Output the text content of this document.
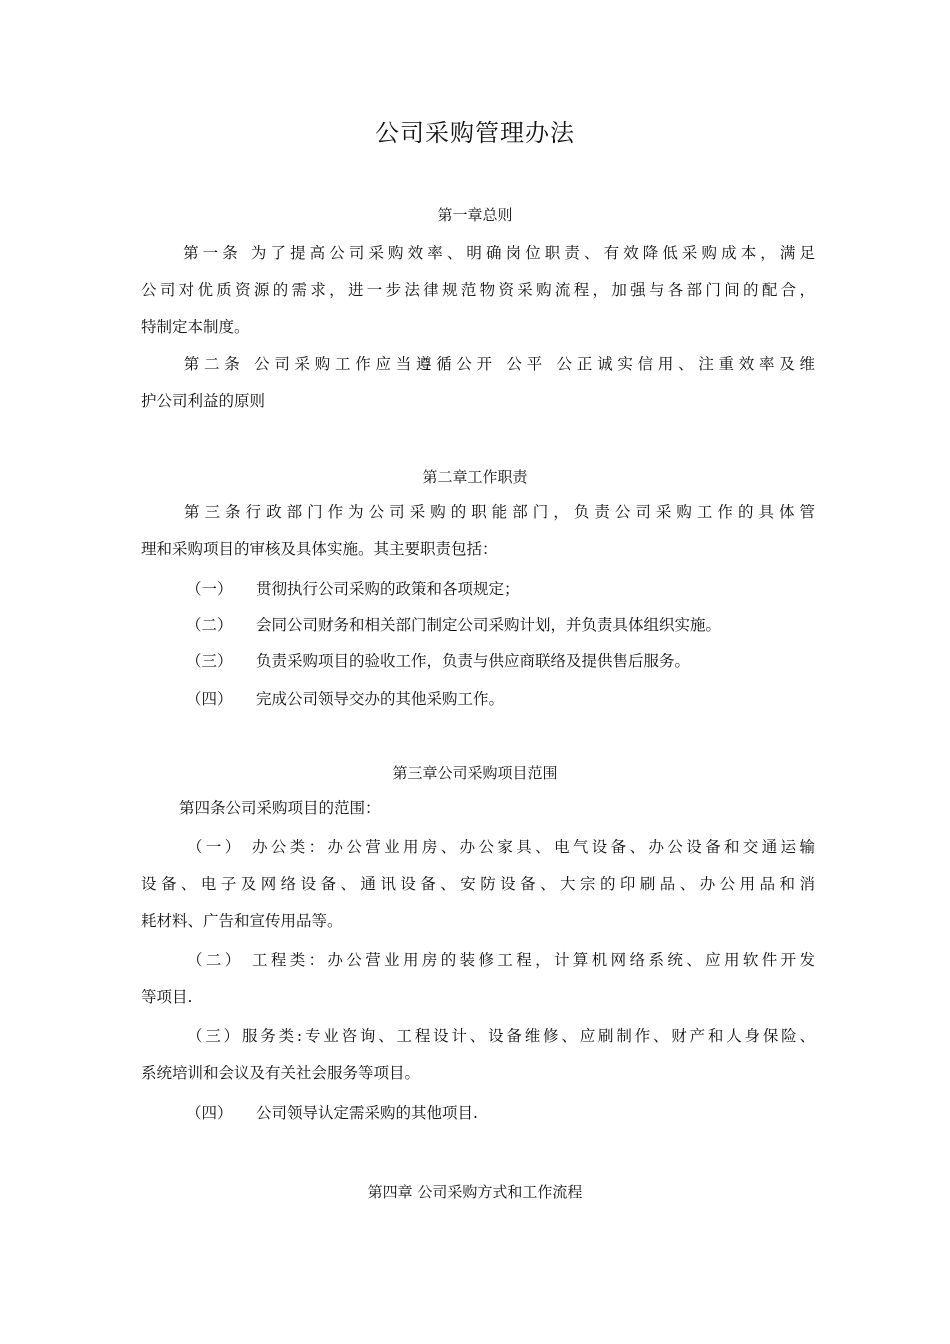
公司采购管理办法
第一章总则
第一条 为了提高公司采购效率、明确岗位职责、有效降低采购成本，满足
公司对优质资源的需求，进一步法律规范物资采购流程，加强与各部门间的配合，
特制定本制度。
第二条 公司采购工作应当遵循公开 公平 公正诚实信用、注重效率及维
护公司利益的原则
第二章工作职责
第三条行政部门作为公司采购的职能部门，负责公司采购工作的具体管
理和采购项目的审核及具体实施。其主要职责包括：
（一） 贯彻执行公司采购的政策和各项规定；
（二） 会同公司财务和相关部门制定公司采购计划，并负责具体组织实施。
（三） 负责采购项目的验收工作，负责与供应商联络及提供售后服务。
（四） 完成公司领导交办的其他采购工作。
第三章公司采购项目范围
第四条公司采购项目的范围：
（一） 办公类：办公营业用房、办公家具、电气设备、办公设备和交通运输
设备、电子及网络设备、通讯设备、安防设备、大宗的印刷品、办公用品和消
耗材料、广告和宣传用品等。
（二） 工程类：办公营业用房的装修工程，计算机网络系统、应用软件开发
等项目.
（三）服务类:专业咨询、工程设计、设备维修、应刷制作、财产和人身保险、
系统培训和会议及有关社会服务等项目。
（四） 公司领导认定需采购的其他项目.
第四章 公司采购方式和工作流程
